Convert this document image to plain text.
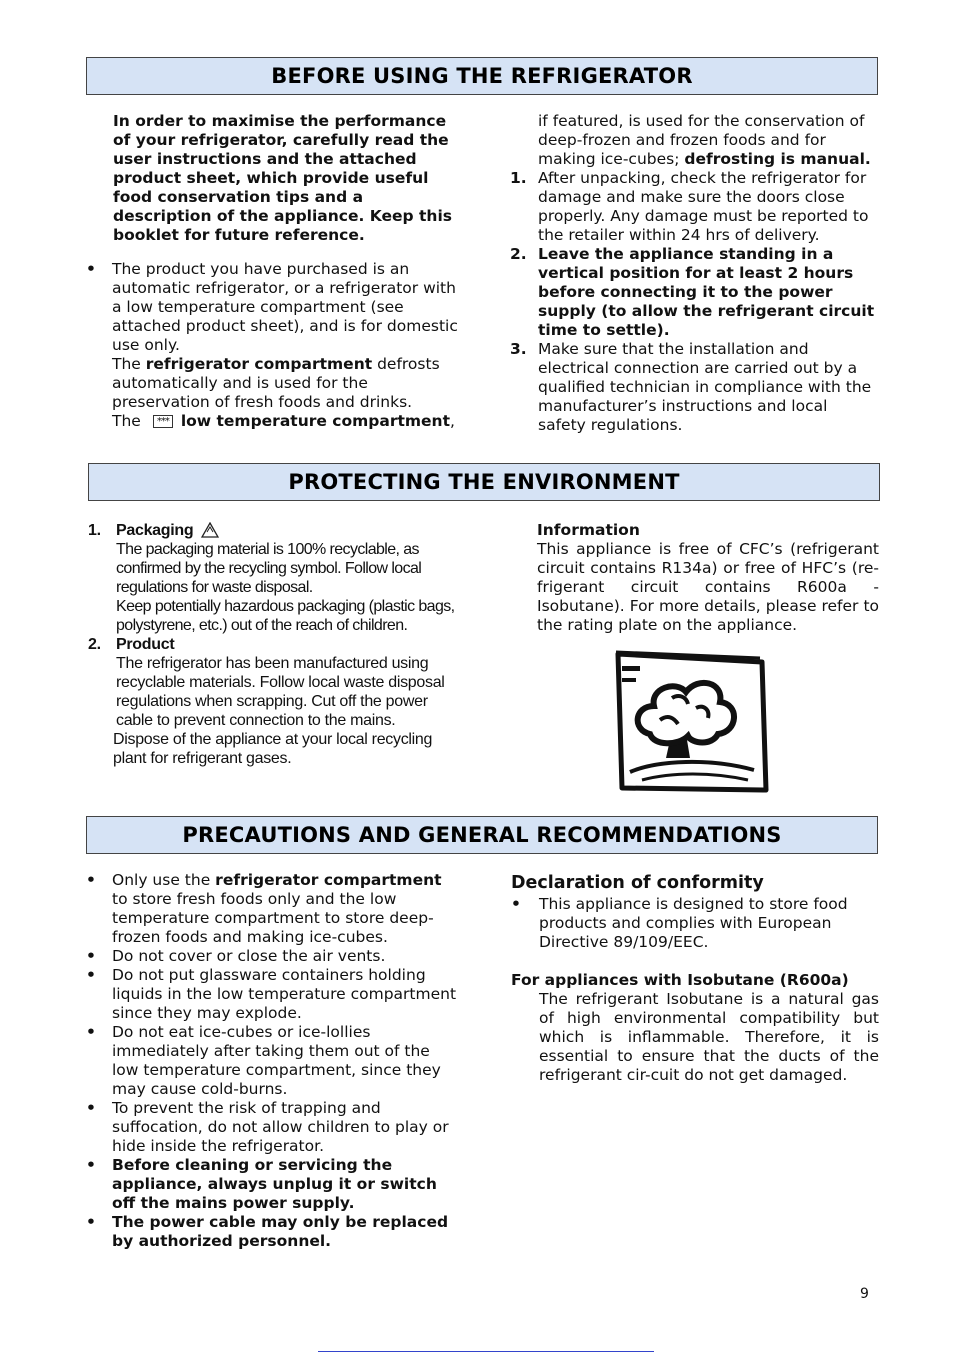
BEFORE USING THE REFRIGERATOR

In order to maximise the performance of your refrigerator, carefully read the user instructions and the attached product sheet, which provide useful food conservation tips and a description of the appliance. Keep this booklet for future reference.

• The product you have purchased is an automatic refrigerator, or a refrigerator with a low temperature compartment (see attached product sheet), and is for domestic use only.

The refrigerator compartment defrosts automatically and is used for the preservation of fresh foods and drinks.

The *** low temperature compartment,

if featured, is used for the conservation of deep-frozen and frozen foods and for making ice-cubes; defrosting is manual.

1. After unpacking, check the refrigerator for damage and make sure the doors close properly. Any damage must be reported to the retailer within 24 hrs of delivery.
2. Leave the appliance standing in a vertical position for at least 2 hours before connecting it to the power supply (to allow the refrigerant circuit time to settle).
3. Make sure that the installation and electrical connection are carried out by a qualified technician in compliance with the manufacturer’s instructions and local safety regulations.
PROTECTING THE ENVIRONMENT
1. Packaging

The packaging material is 100% recyclable, as confirmed by the recycling symbol. Follow local regulations for waste disposal.

Keep potentially hazardous packaging (plastic bags, polystyrene, etc.) out of the reach of children.

2. Product

The refrigerator has been manufactured using recyclable materials. Follow local waste disposal regulations when scrapping. Cut off the power cable to prevent connection to the mains.

Dispose of the appliance at your local recycling plant for refrigerant gases.

Information

This appliance is free of CFC’s (refrigerant circuit contains R134a) or free of HFC’s (re-frigerant circuit contains R600a - Isobutane). For more details, please refer to the rating plate on the appliance.

PRECAUTIONS AND GENERAL RECOMMENDATIONS
• Only use the refrigerator compartment to store fresh foods only and the low temperature compartment to store deep-frozen foods and making ice-cubes.
• Do not cover or close the air vents.
• Do not put glassware containers holding liquids in the low temperature compartment since they may explode.
• Do not eat ice-cubes or ice-lollies immediately after taking them out of the low temperature compartment, since they may cause cold-burns.
• To prevent the risk of trapping and suffocation, do not allow children to play or hide inside the refrigerator.
• Before cleaning or servicing the appliance, always unplug it or switch off the mains power supply.
• The power cable may only be replaced by authorized personnel.

Declaration of conformity

• This appliance is designed to store food products and complies with European Directive 89/109/EEC.

For appliances with Isobutane (R600a)

The refrigerant Isobutane is a natural gas of high environmental compatibility but which is inflammable. Therefore, it is essential to ensure that the ducts of the refrigerant cir-cuit do not get damaged.

9
